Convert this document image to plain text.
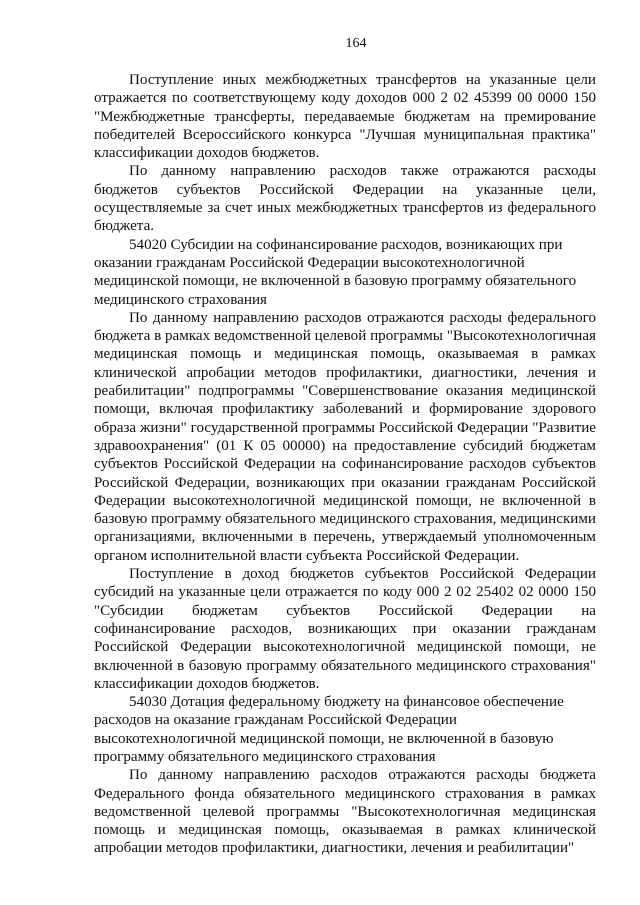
164

Поступление иных межбюджетных трансфертов на указанные цели отражается по соответствующему коду доходов 000 2 02 45399 00 0000 150 "Межбюджетные трансферты, передаваемые бюджетам на премирование победителей Всероссийского конкурса "Лучшая муниципальная практика" классификации доходов бюджетов.

По данному направлению расходов также отражаются расходы бюджетов субъектов Российской Федерации на указанные цели, осуществляемые за счет иных межбюджетных трансфертов из федерального бюджета.

54020 Субсидии на софинансирование расходов, возникающих при оказании гражданам Российской Федерации высокотехнологичной медицинской помощи, не включенной в базовую программу обязательного медицинского страхования

По данному направлению расходов отражаются расходы федерального бюджета в рамках ведомственной целевой программы "Высокотехнологичная медицинская помощь и медицинская помощь, оказываемая в рамках клинической апробации методов профилактики, диагностики, лечения и реабилитации" подпрограммы "Совершенствование оказания медицинской помощи, включая профилактику заболеваний и формирование здорового образа жизни" государственной программы Российской Федерации "Развитие здравоохранения" (01 К 05 00000) на предоставление субсидий бюджетам субъектов Российской Федерации на софинансирование расходов субъектов Российской Федерации, возникающих при оказании гражданам Российской Федерации высокотехнологичной медицинской помощи, не включенной в базовую программу обязательного медицинского страхования, медицинскими организациями, включенными в перечень, утверждаемый уполномоченным органом исполнительной власти субъекта Российской Федерации.

Поступление в доход бюджетов субъектов Российской Федерации субсидий на указанные цели отражается по коду 000 2 02 25402 02 0000 150 "Субсидии бюджетам субъектов Российской Федерации на софинансирование расходов, возникающих при оказании гражданам Российской Федерации высокотехнологичной медицинской помощи, не включенной в базовую программу обязательного медицинского страхования" классификации доходов бюджетов.

54030 Дотация федеральному бюджету на финансовое обеспечение расходов на оказание гражданам Российской Федерации высокотехнологичной медицинской помощи, не включенной в базовую программу обязательного медицинского страхования

По данному направлению расходов отражаются расходы бюджета Федерального фонда обязательного медицинского страхования в рамках ведомственной целевой программы "Высокотехнологичная медицинская помощь и медицинская помощь, оказываемая в рамках клинической апробации методов профилактики, диагностики, лечения и реабилитации"
